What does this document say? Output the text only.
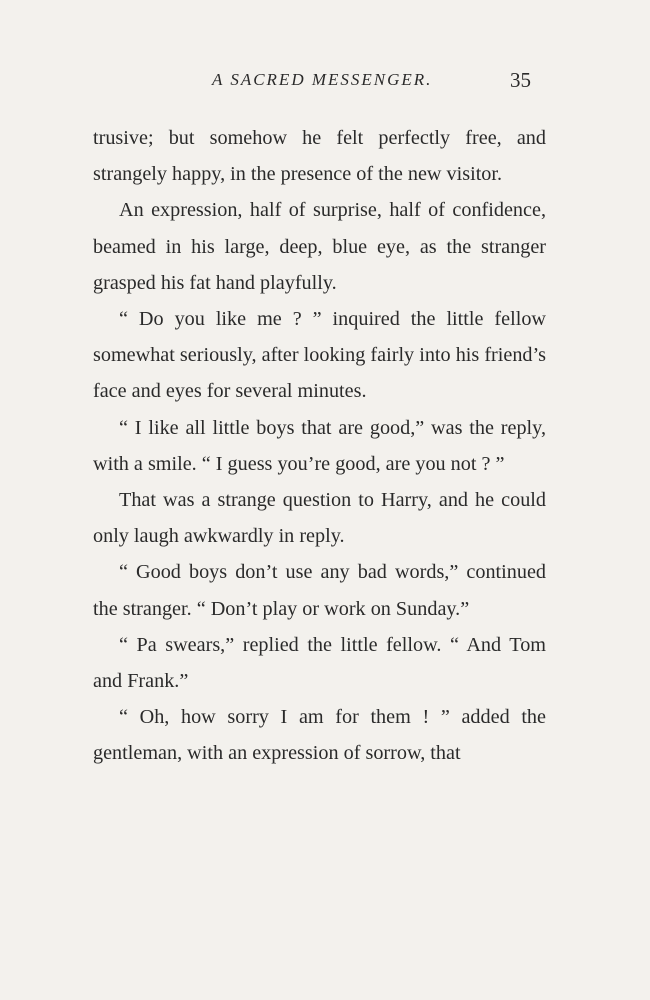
A SACRED MESSENGER.	35

trusive; but somehow he felt perfectly free, and strangely happy, in the presence of the new visitor.

An expression, half of surprise, half of confidence, beamed in his large, deep, blue eye, as the stranger grasped his fat hand playfully.

“ Do you like me ? ” inquired the little fellow somewhat seriously, after looking fairly into his friend’s face and eyes for several minutes.

“ I like all little boys that are good,” was the reply, with a smile. “ I guess you’re good, are you not ? ”

That was a strange question to Harry, and he could only laugh awkwardly in reply.

“ Good boys don’t use any bad words,” continued the stranger. “ Don’t play or work on Sunday.”

“ Pa swears,” replied the little fellow. “ And Tom and Frank.”

“ Oh, how sorry I am for them ! ” added the gentleman, with an expression of sorrow, that
